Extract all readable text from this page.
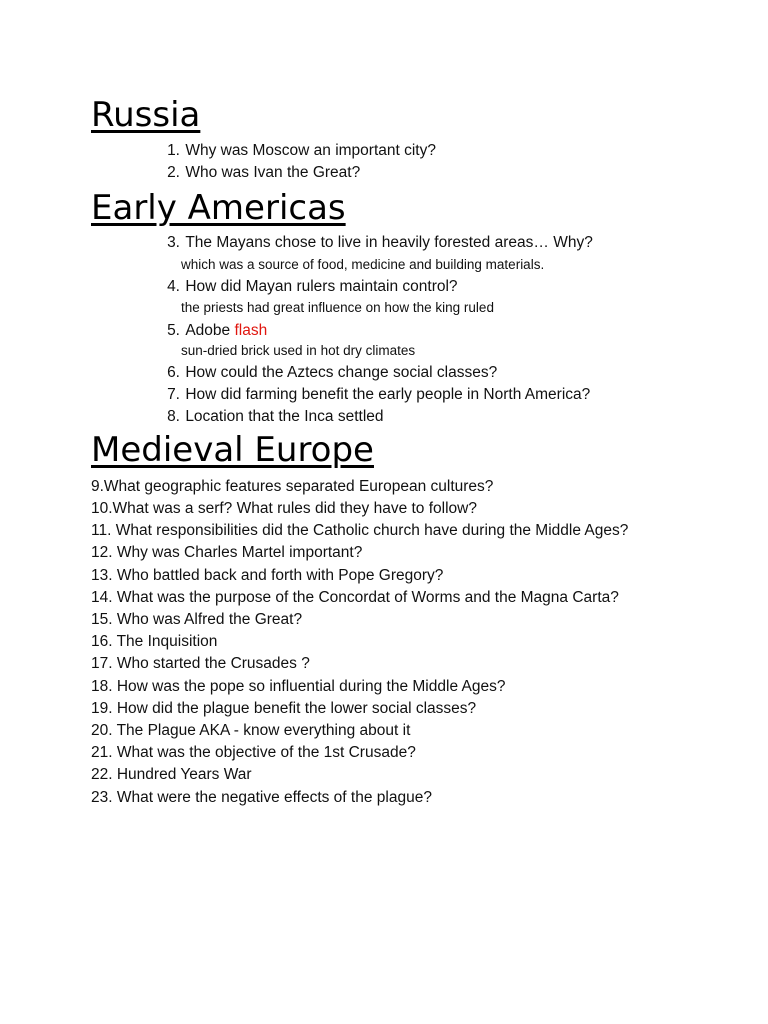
Russia
1. Why was Moscow an important city?
2. Who was Ivan the Great?
Early Americas
3. The Mayans chose to live in heavily forested areas… Why?
which was a source of food, medicine and building materials.
4. How did Mayan rulers maintain control?
the priests had great influence on how the king ruled
5. Adobe flash
sun-dried brick used in hot dry climates
6. How could the Aztecs change social classes?
7. How did farming benefit the early people in North America?
8. Location that the Inca settled
Medieval Europe
9.What geographic features separated European cultures?
10.What was a serf? What rules did they have to follow?
11. What responsibilities did the Catholic church have during the Middle Ages?
12. Why was Charles Martel important?
13. Who battled back and forth with Pope Gregory?
14. What was the purpose of the Concordat of Worms and the Magna Carta?
15. Who was Alfred the Great?
16. The Inquisition
17. Who started the Crusades ?
18. How was the pope so influential during the Middle Ages?
19. How did the plague benefit the lower social classes?
20. The Plague AKA - know everything about it
21. What was the objective of the 1st Crusade?
22. Hundred Years War
23. What were the negative effects of the plague?
